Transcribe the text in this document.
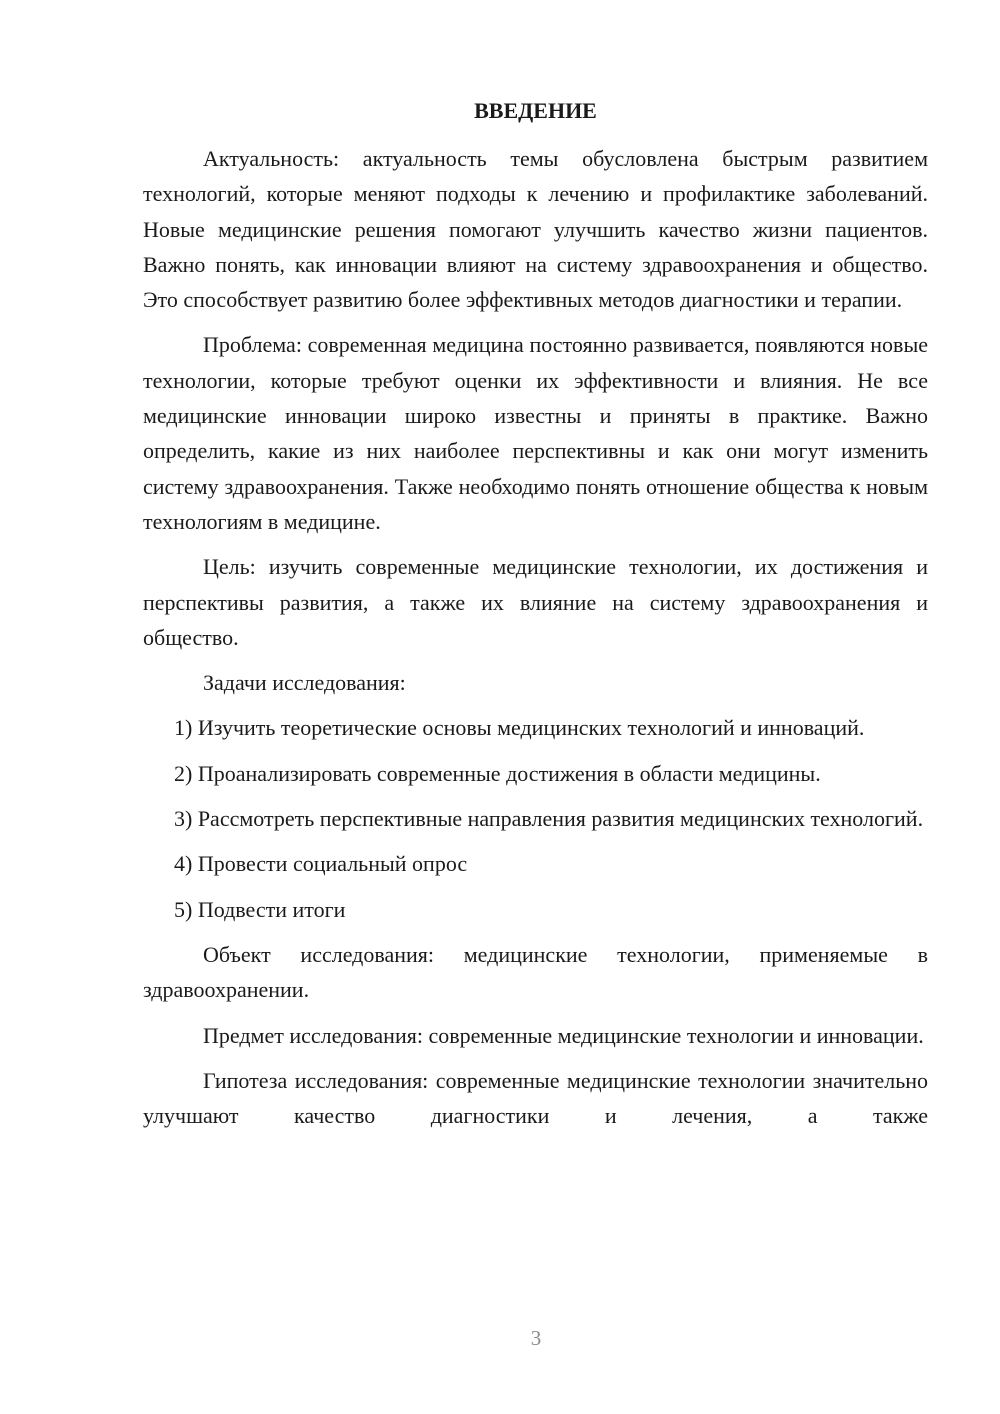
ВВЕДЕНИЕ

Актуальность: актуальность темы обусловлена быстрым развитием технологий, которые меняют подходы к лечению и профилактике заболеваний. Новые медицинские решения помогают улучшить качество жизни пациентов. Важно понять, как инновации влияют на систему здравоохранения и общество. Это способствует развитию более эффективных методов диагностики и терапии.

Проблема: современная медицина постоянно развивается, появляются новые технологии, которые требуют оценки их эффективности и влияния. Не все медицинские инновации широко известны и приняты в практике. Важно определить, какие из них наиболее перспективны и как они могут изменить систему здравоохранения. Также необходимо понять отношение общества к новым технологиям в медицине.

Цель: изучить современные медицинские технологии, их достижения и перспективы развития, а также их влияние на систему здравоохранения и общество.

Задачи исследования:

1) Изучить теоретические основы медицинских технологий и инноваций.

2) Проанализировать современные достижения в области медицины.

3) Рассмотреть перспективные направления развития медицинских технологий.

4) Провести социальный опрос

5) Подвести итоги

Объект исследования: медицинские технологии, применяемые в здравоохранении.

Предмет исследования: современные медицинские технологии и инновации.

Гипотеза исследования: современные медицинские технологии значительно улучшают качество диагностики и лечения, а также

3
